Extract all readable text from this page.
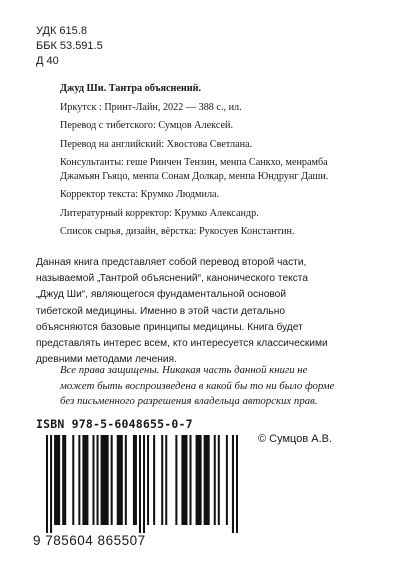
УДК 615.8
ББК 53.591.5
Д 40
Джуд Ши. Тантра объяснений.
Иркутск : Принт-Лайн, 2022 — 388 с., ил.
Перевод с тибетского: Сумцов Алексей.
Перевод на английский: Хвостова Светлана.
Консультанты: геше Ринчен Тензин, менпа Санкхо, менрамба
Джамьян Гьяцо, менпа Сонам Долкар, менпа Юндрунг Даши.
Корректор текста: Крумко Людмила.
Литературный корректор: Крумко Александр.
Список сырья, дизайн, вёрстка: Рукосуев Константин.
Данная книга представляет собой перевод второй части,
называемой „Тантрой объяснений“, канонического текста
„Джуд Ши“, являющегося фундаментальной основой
тибетской медицины. Именно в этой части детально
объясняются базовые принципы медицины. Книга будет
представлять интерес всем, кто интересуется классическими
древними методами лечения.
Все права защищены. Никакая часть данной книги не
может быть воспроизведена в какой бы то ни было форме
без письменного разрешения владельца авторских прав.
ISBN 978-5-6048655-0-7
© Сумцов А.В.
9 785604 865507
